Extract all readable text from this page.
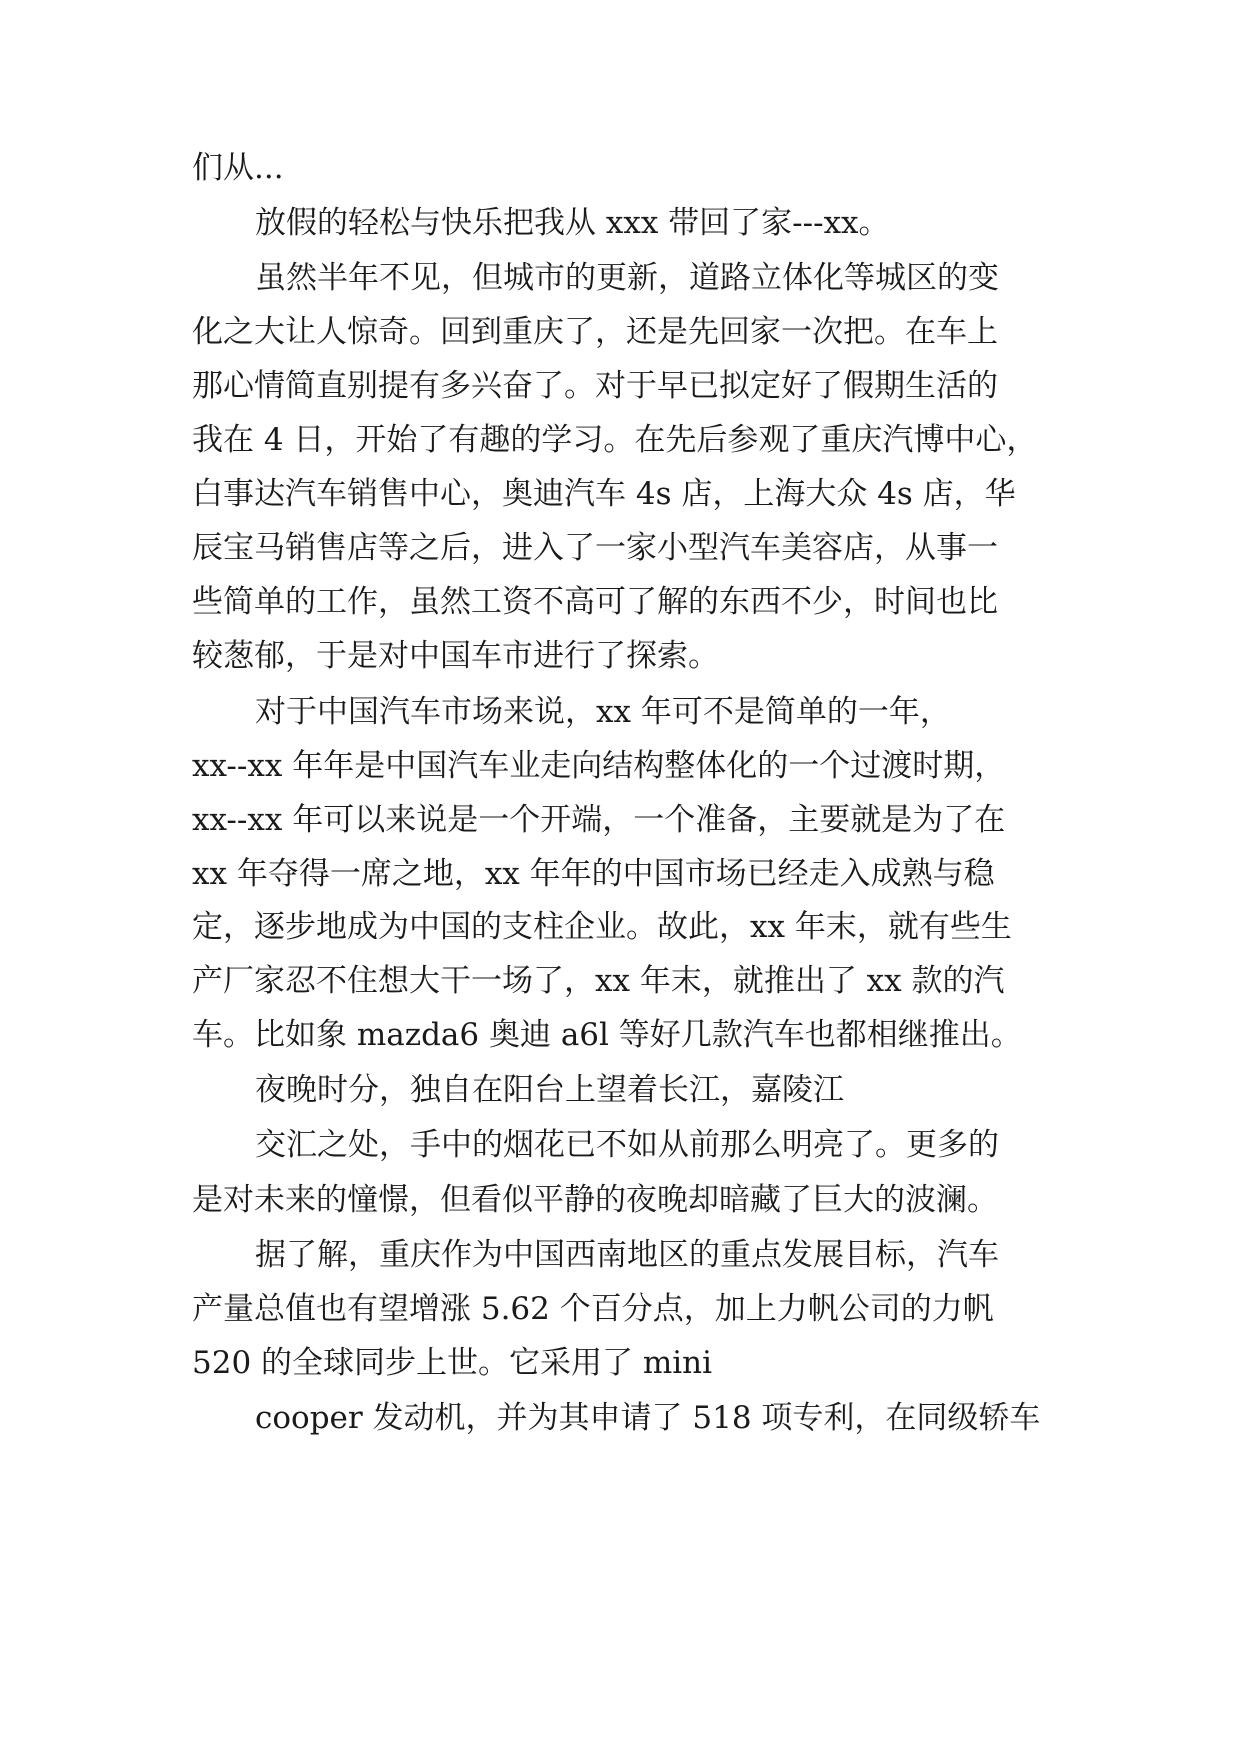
们从...
放假的轻松与快乐把我从 xxx 带回了家---xx。
虽然半年不见，但城市的更新，道路立体化等城区的变
化之大让人惊奇。回到重庆了，还是先回家一次把。在车上
那心情简直别提有多兴奋了。对于早已拟定好了假期生活的
我在 4 日，开始了有趣的学习。在先后参观了重庆汽博中心，
白事达汽车销售中心，奥迪汽车 4s 店，上海大众 4s 店，华
辰宝马销售店等之后，进入了一家小型汽车美容店，从事一
些简单的工作，虽然工资不高可了解的东西不少，时间也比
较葱郁，于是对中国车市进行了探索。
对于中国汽车市场来说，xx 年可不是简单的一年，
xx--xx 年年是中国汽车业走向结构整体化的一个过渡时期，
xx--xx 年可以来说是一个开端，一个准备，主要就是为了在
xx 年夺得一席之地，xx 年年的中国市场已经走入成熟与稳
定，逐步地成为中国的支柱企业。故此，xx 年末，就有些生
产厂家忍不住想大干一场了，xx 年末，就推出了 xx 款的汽
车。比如象 mazda6 奥迪 a6l 等好几款汽车也都相继推出。
夜晚时分，独自在阳台上望着长江，嘉陵江
交汇之处，手中的烟花已不如从前那么明亮了。更多的
是对未来的憧憬，但看似平静的夜晚却暗藏了巨大的波澜。
据了解，重庆作为中国西南地区的重点发展目标，汽车
产量总值也有望增涨 5.62 个百分点，加上力帆公司的力帆
520 的全球同步上世。它采用了 mini
cooper 发动机，并为其申请了 518 项专利，在同级轿车
